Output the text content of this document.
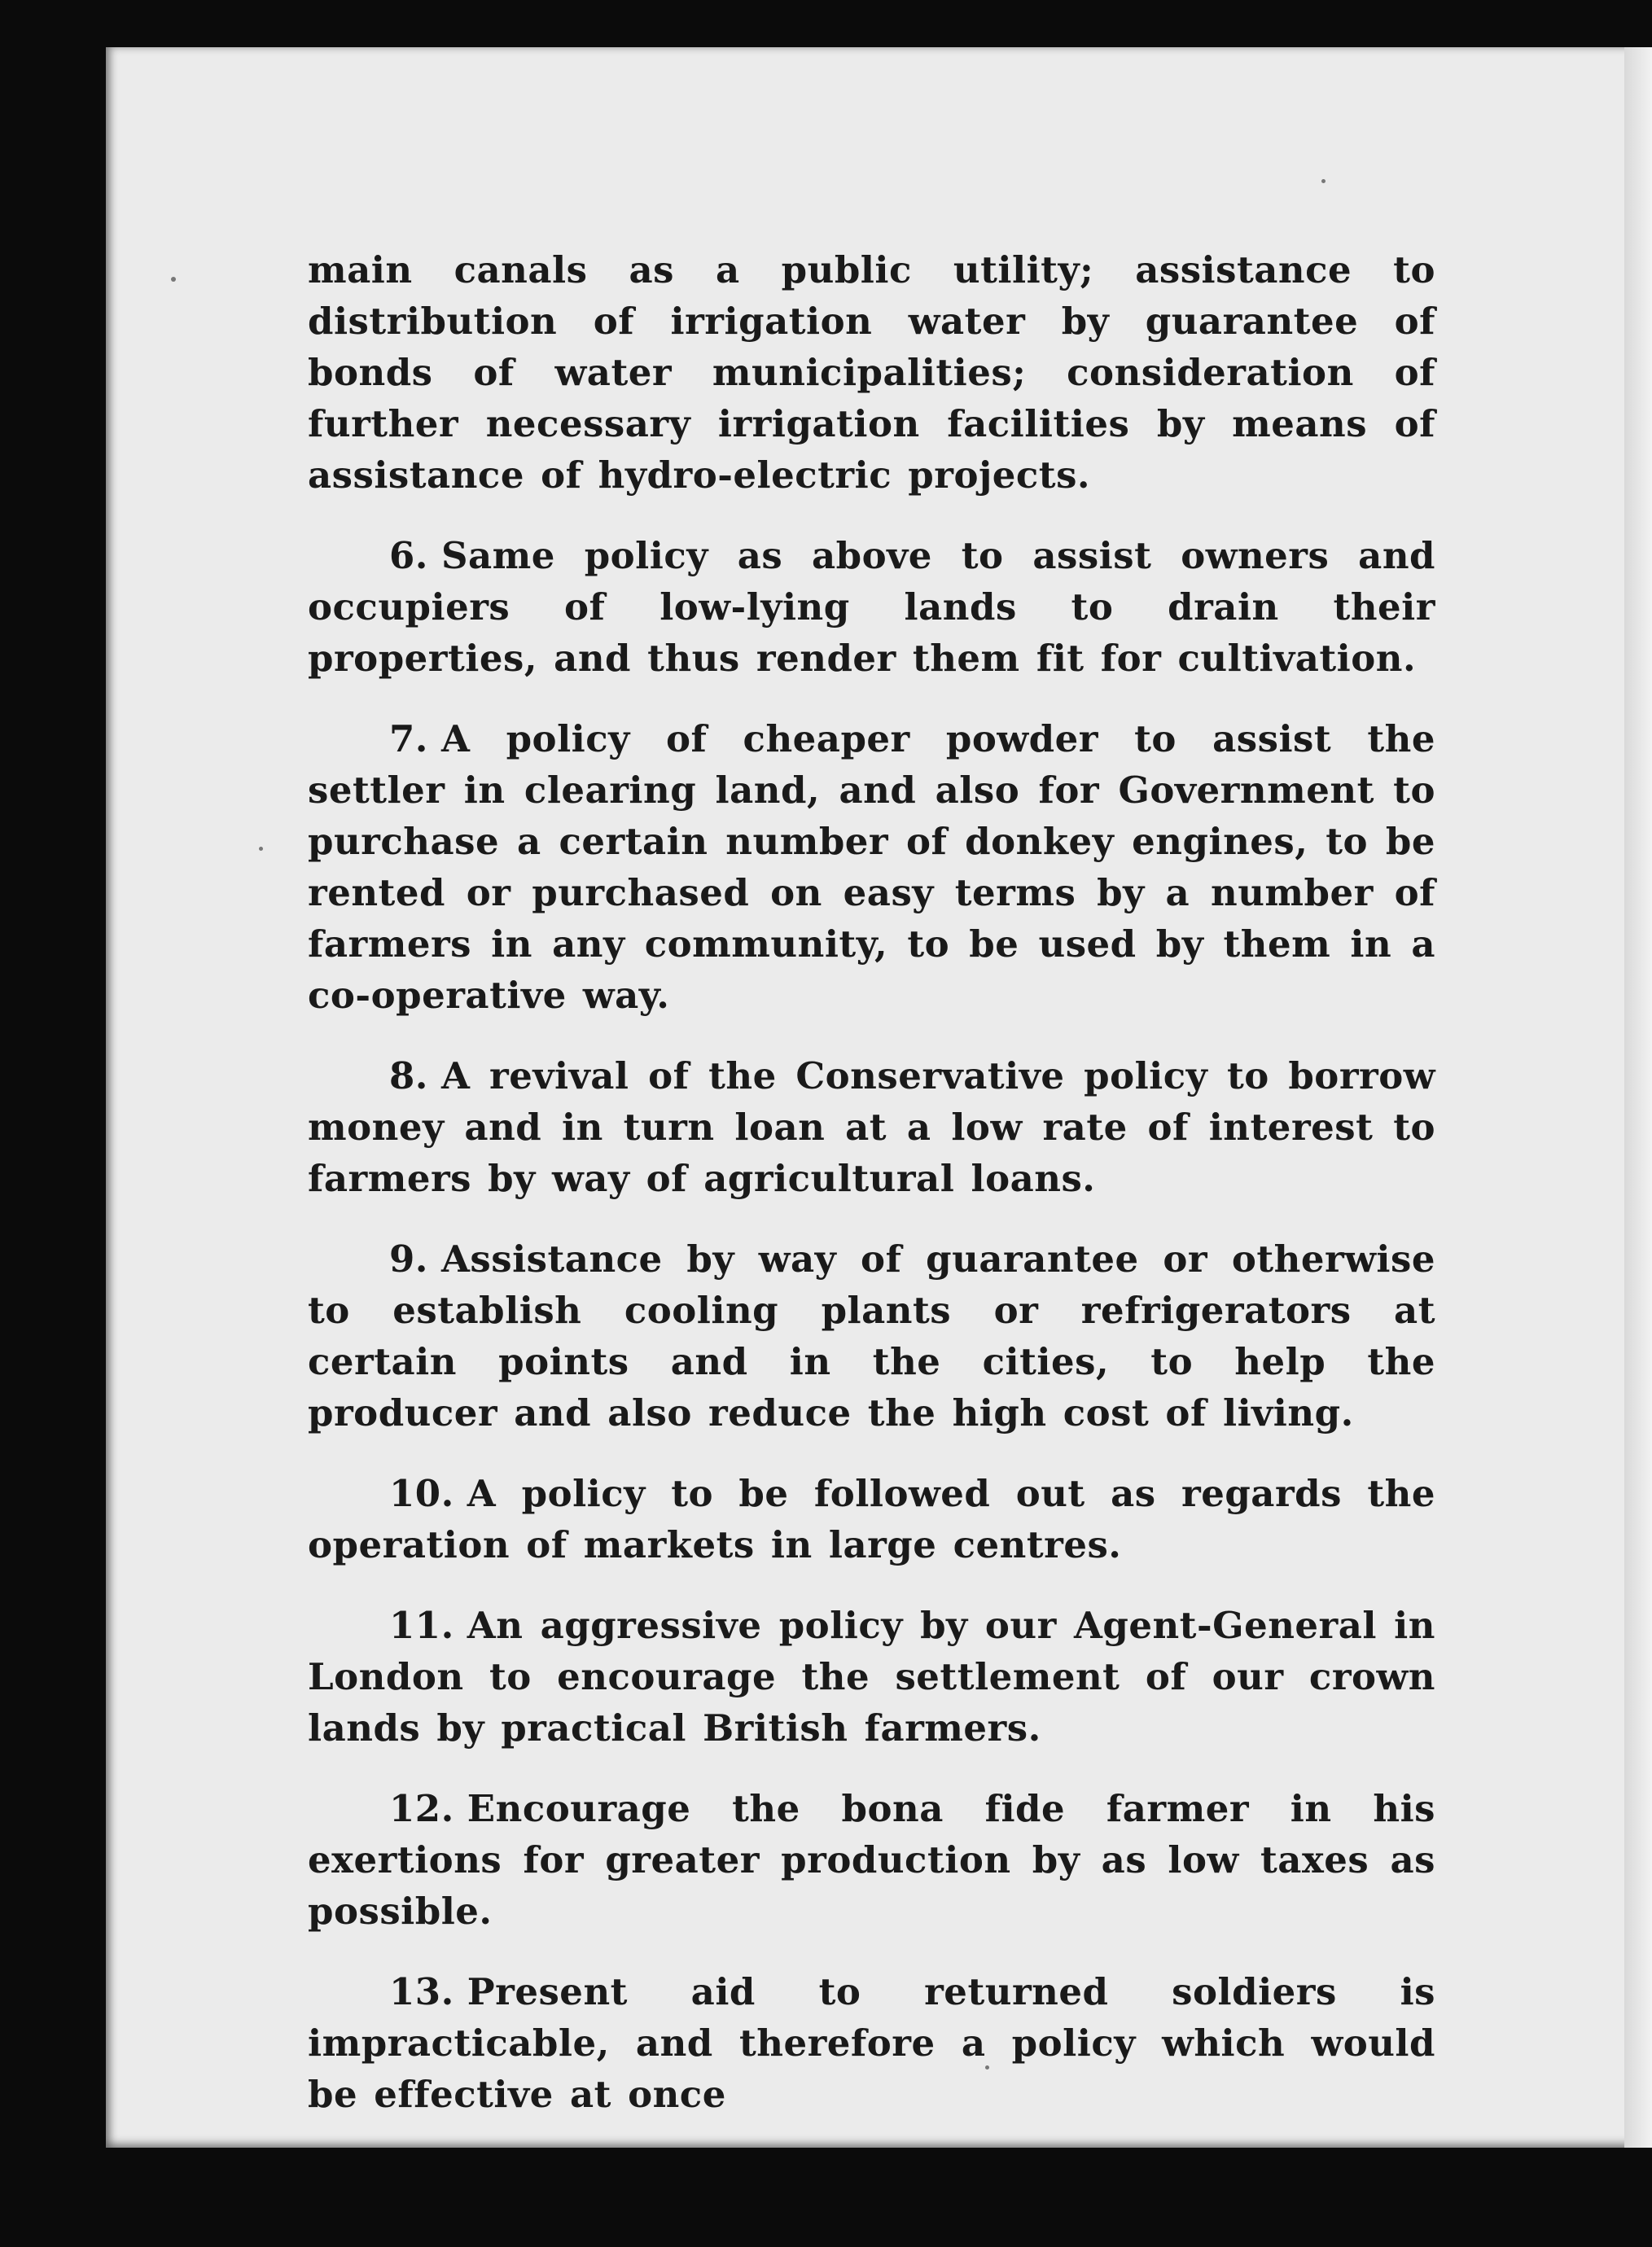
main canals as a public utility; assistance to distribution of irrigation water by guarantee of bonds of water municipalities; consideration of further necessary irrigation facilities by means of assistance of hydro-electric projects.

6. Same policy as above to assist owners and occupiers of low-lying lands to drain their properties, and thus render them fit for cultivation.

7. A policy of cheaper powder to assist the settler in clearing land, and also for Government to purchase a certain number of donkey engines, to be rented or purchased on easy terms by a number of farmers in any community, to be used by them in a co-operative way.

8. A revival of the Conservative policy to borrow money and in turn loan at a low rate of interest to farmers by way of agricultural loans.

9. Assistance by way of guarantee or otherwise to establish cooling plants or refrigerators at certain points and in the cities, to help the producer and also reduce the high cost of living.

10. A policy to be followed out as regards the operation of markets in large centres.

11. An aggressive policy by our Agent-General in London to encourage the settlement of our crown lands by practical British farmers.

12. Encourage the bona fide farmer in his exertions for greater production by as low taxes as possible.

13. Present aid to returned soldiers is impracticable, and therefore a policy which would be effective at once
